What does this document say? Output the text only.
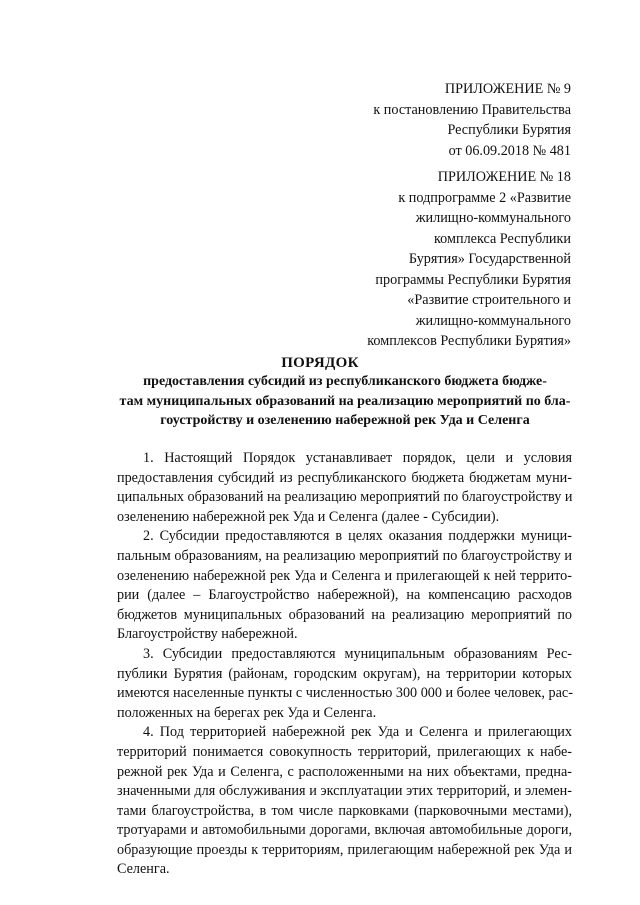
ПРИЛОЖЕНИЕ № 9
к постановлению Правительства
Республики Бурятия
от 06.09.2018 № 481
ПРИЛОЖЕНИЕ № 18
к подпрограмме 2 «Развитие
жилищно-коммунального
комплекса Республики
Бурятия» Государственной
программы Республики Бурятия
«Развитие строительного и
жилищно-коммунального
комплексов Республики Бурятия»
ПОРЯДОК
предоставления субсидий из республиканского бюджета бюдже-
там муниципальных образований на реализацию мероприятий по бла-
гоустройству и озеленению набережной рек Уда и Селенга
1. Настоящий Порядок устанавливает порядок, цели и условия
предоставления субсидий из республиканского бюджета бюджетам муни-
ципальных образований на реализацию мероприятий по благоустройству и
озеленению набережной рек Уда и Селенга (далее - Субсидии).
2. Субсидии предоставляются в целях оказания поддержки муници-
пальным образованиям, на реализацию мероприятий по благоустройству и
озеленению набережной рек Уда и Селенга и прилегающей к ней террито-
рии (далее – Благоустройство набережной), на компенсацию расходов
бюджетов муниципальных образований на реализацию мероприятий по
Благоустройству набережной.
3. Субсидии предоставляются муниципальным образованиям Рес-
публики Бурятия (районам, городским округам), на территории которых
имеются населенные пункты с численностью 300 000 и более человек, рас-
положенных на берегах рек Уда и Селенга.
4. Под территорией набережной рек Уда и Селенга и прилегающих
территорий понимается совокупность территорий, прилегающих к набе-
режной рек Уда и Селенга, с расположенными на них объектами, предна-
значенными для обслуживания и эксплуатации этих территорий, и элемен-
тами благоустройства, в том числе парковками (парковочными местами),
тротуарами и автомобильными дорогами, включая автомобильные дороги,
образующие проезды к территориям, прилегающим набережной рек Уда и
Селенга.
